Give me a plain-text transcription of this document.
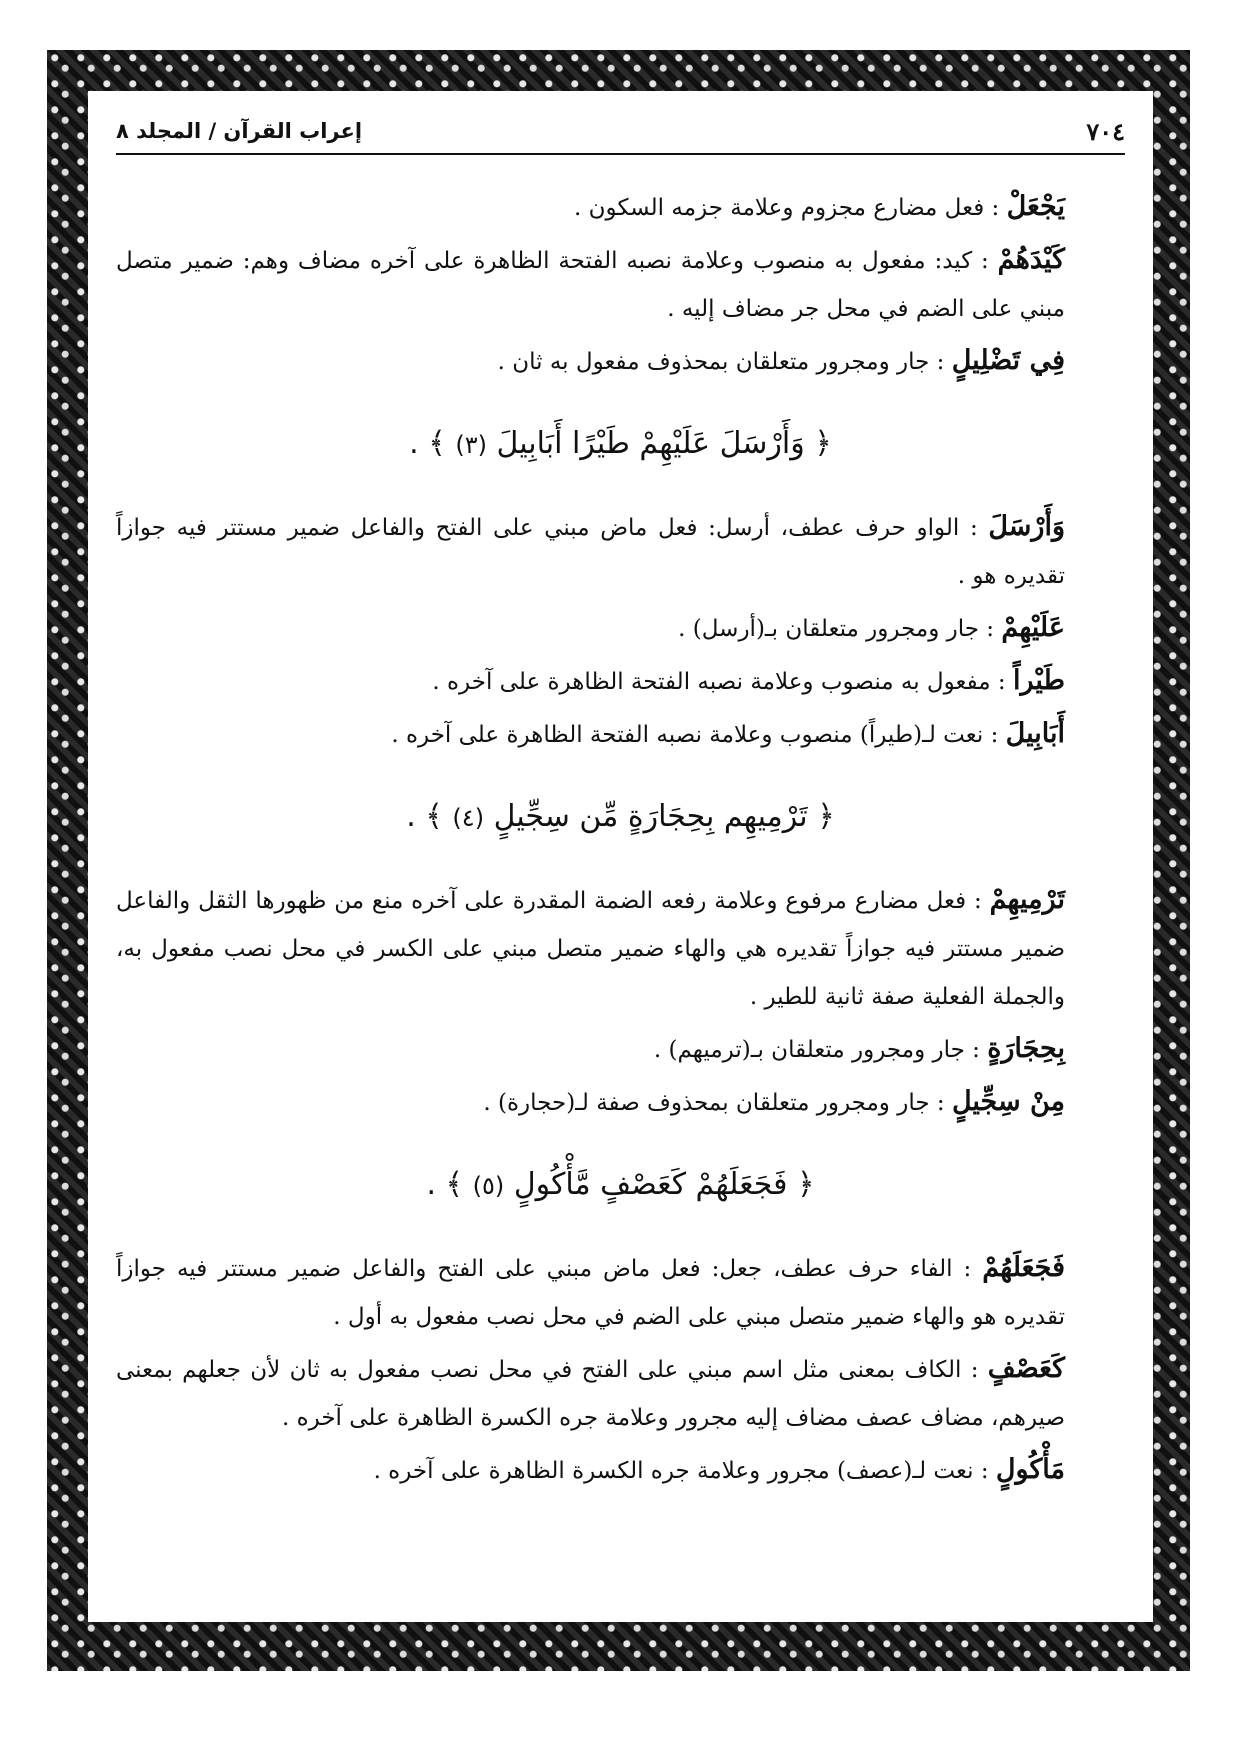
٧٠٤
إعراب القرآن / المجلد ٨

يَجْعَلْ : فعل مضارع مجزوم وعلامة جزمه السكون .

كَيْدَهُمْ : كيد: مفعول به منصوب وعلامة نصبه الفتحة الظاهرة على آخره مضاف وهم: ضمير متصل مبني على الضم في محل جر مضاف إليه .

فِي تَضْلِيلٍ : جار ومجرور متعلقان بمحذوف مفعول به ثان .

﴿ وَأَرْسَلَ عَلَيْهِمْ طَيْرًا أَبَابِيلَ (٣) ﴾ .

وَأَرْسَلَ : الواو حرف عطف، أرسل: فعل ماض مبني على الفتح والفاعل ضمير مستتر فيه جوازاً تقديره هو .

عَلَيْهِمْ : جار ومجرور متعلقان بـ(أرسل) .

طَيْراً : مفعول به منصوب وعلامة نصبه الفتحة الظاهرة على آخره .

أَبَابِيلَ : نعت لـ(طيراً) منصوب وعلامة نصبه الفتحة الظاهرة على آخره .

﴿ تَرْمِيهِم بِحِجَارَةٍ مِّن سِجِّيلٍ (٤) ﴾ .

تَرْمِيهِمْ : فعل مضارع مرفوع وعلامة رفعه الضمة المقدرة على آخره منع من ظهورها الثقل والفاعل ضمير مستتر فيه جوازاً تقديره هي والهاء ضمير متصل مبني على الكسر في محل نصب مفعول به، والجملة الفعلية صفة ثانية للطير .

بِحِجَارَةٍ : جار ومجرور متعلقان بـ(ترميهم) .

مِنْ سِجِّيلٍ : جار ومجرور متعلقان بمحذوف صفة لـ(حجارة) .

﴿ فَجَعَلَهُمْ كَعَصْفٍ مَّأْكُولٍ (٥) ﴾ .

فَجَعَلَهُمْ : الفاء حرف عطف، جعل: فعل ماض مبني على الفتح والفاعل ضمير مستتر فيه جوازاً تقديره هو والهاء ضمير متصل مبني على الضم في محل نصب مفعول به أول .

كَعَصْفٍ : الكاف بمعنى مثل اسم مبني على الفتح في محل نصب مفعول به ثان لأن جعلهم بمعنى صيرهم، مضاف عصف مضاف إليه مجرور وعلامة جره الكسرة الظاهرة على آخره .

مَأْكُولٍ : نعت لـ(عصف) مجرور وعلامة جره الكسرة الظاهرة على آخره .
